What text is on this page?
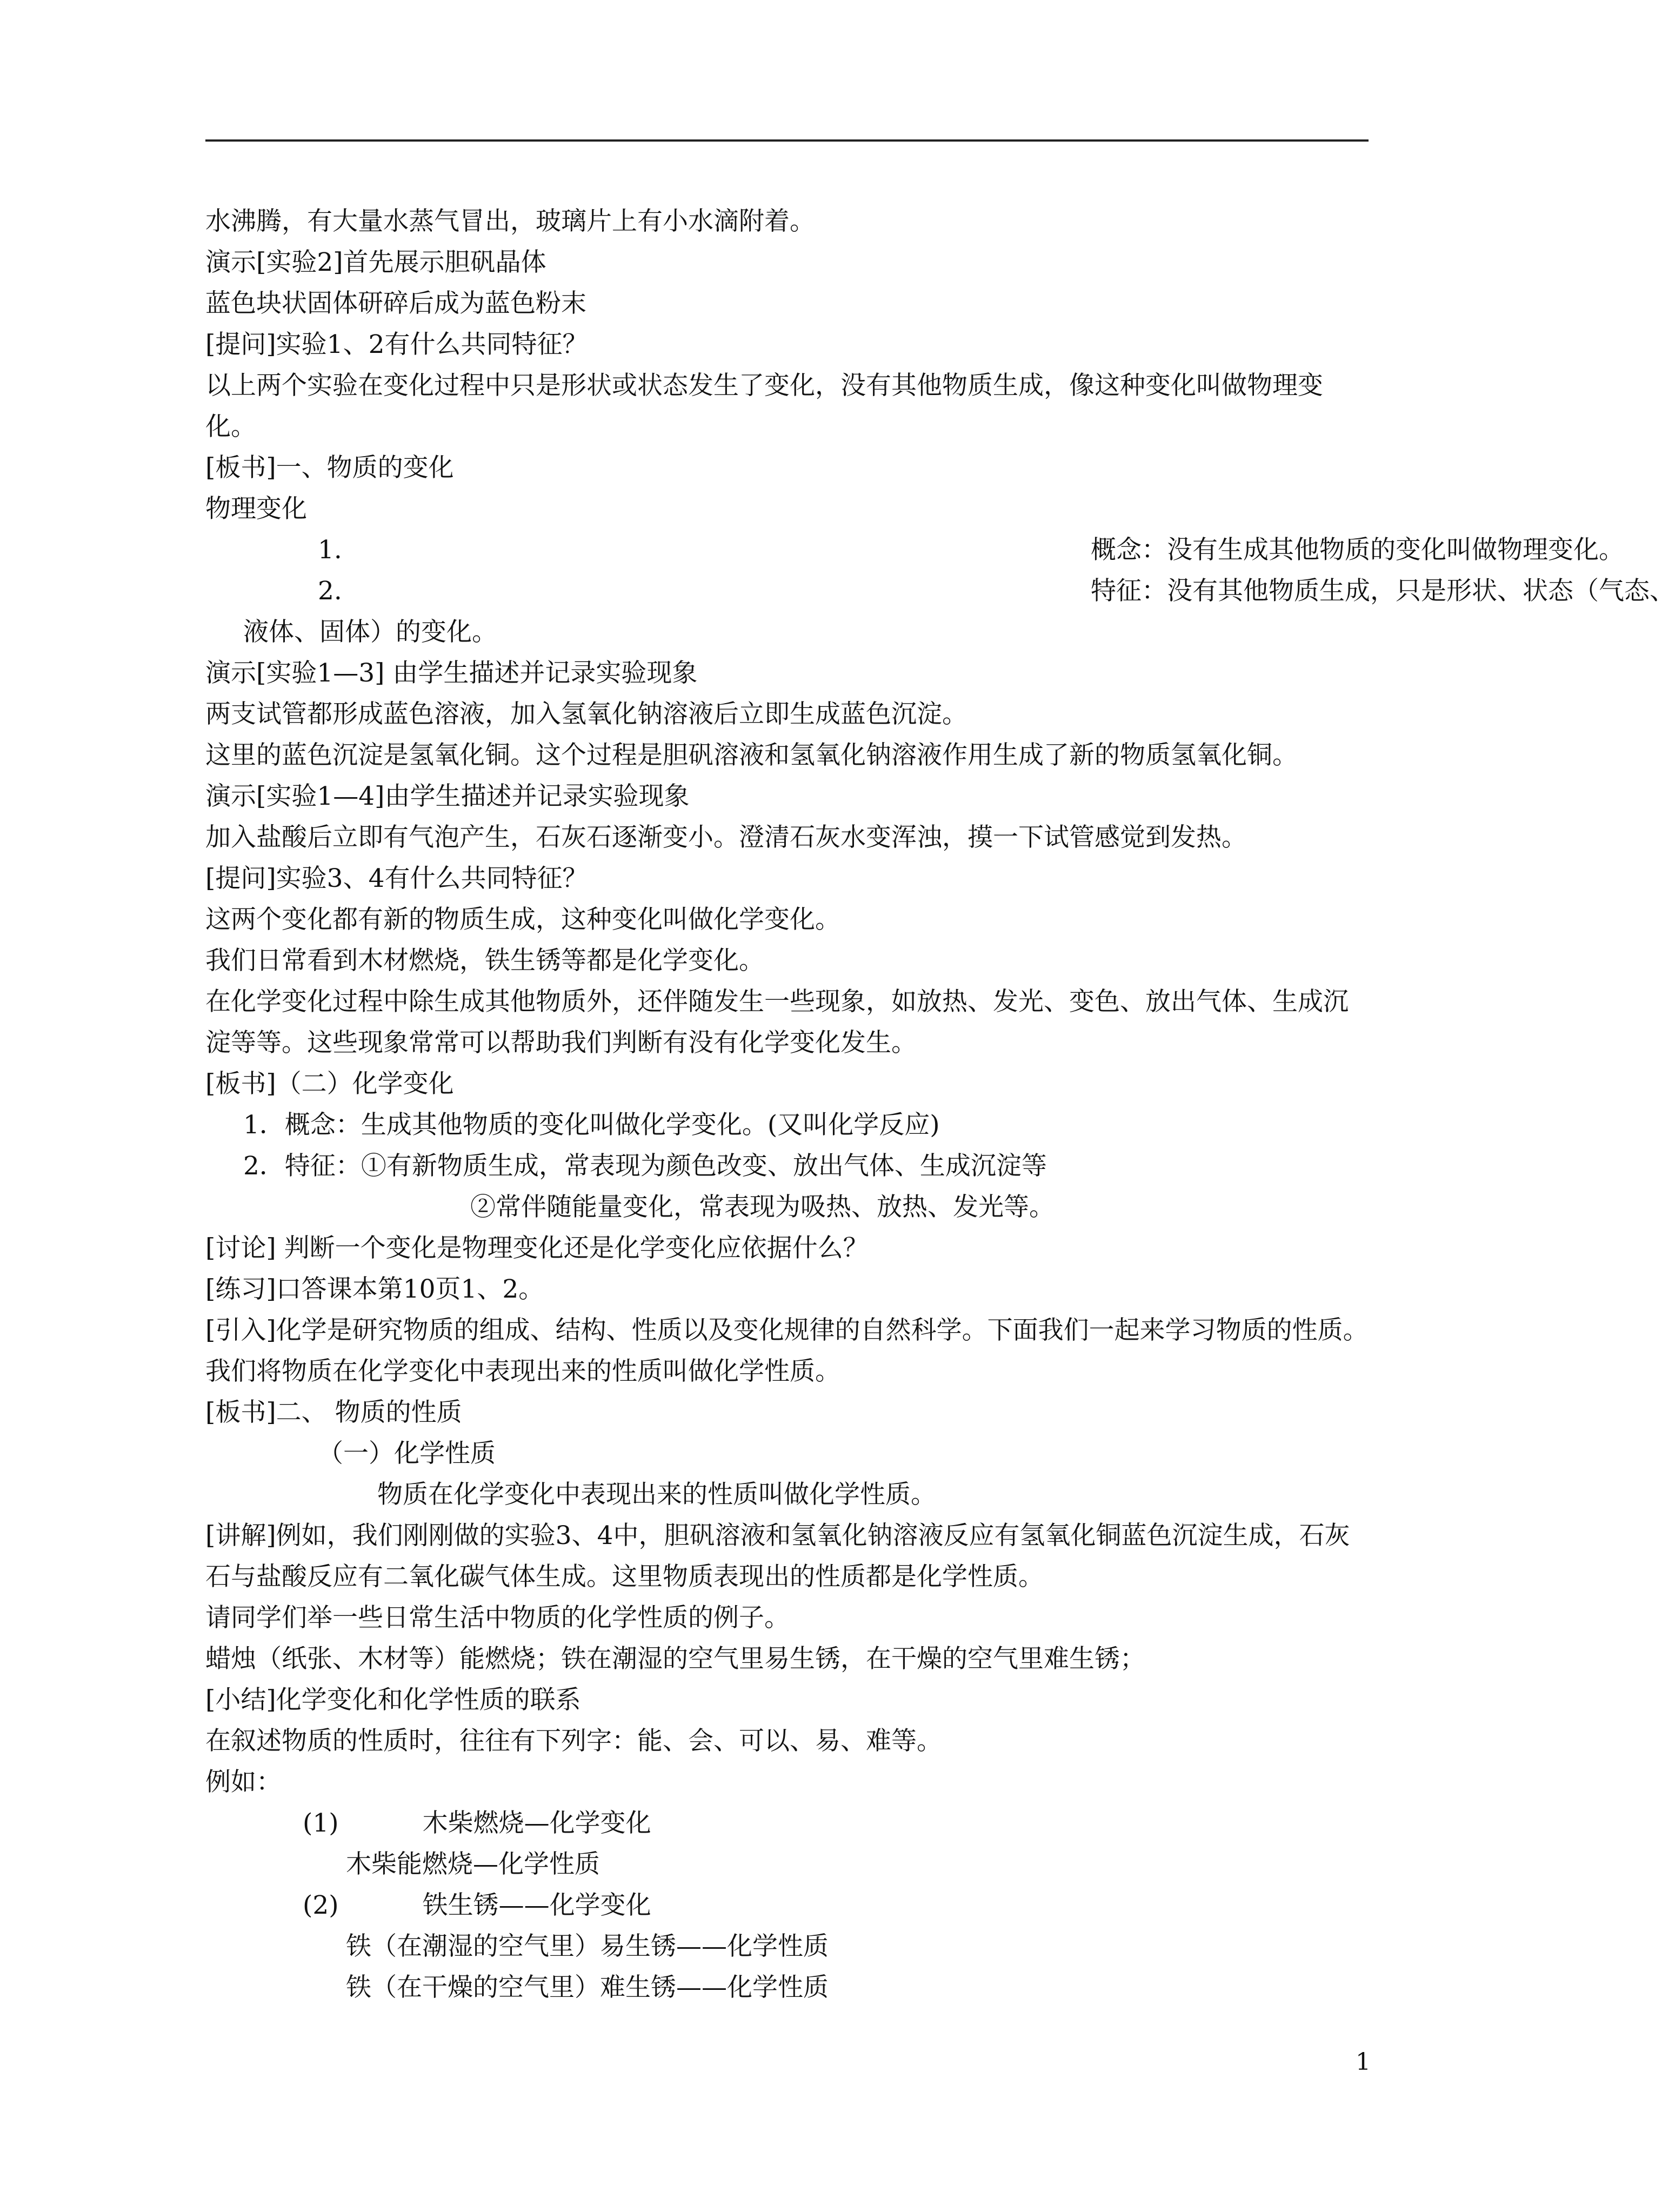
水沸腾，有大量水蒸气冒出，玻璃片上有小水滴附着。
演示[实验2]首先展示胆矾晶体
蓝色块状固体研碎后成为蓝色粉末
[提问]实验1、2有什么共同特征？
以上两个实验在变化过程中只是形状或状态发生了变化，没有其他物质生成，像这种变化叫做物理变化。
[板书]一、物质的变化
物理变化
1.	概念：没有生成其他物质的变化叫做物理变化。
2.	特征：没有其他物质生成，只是形状、状态（气态、
液体、固体）的变化。
演示[实验1—3] 由学生描述并记录实验现象
两支试管都形成蓝色溶液，加入氢氧化钠溶液后立即生成蓝色沉淀。
这里的蓝色沉淀是氢氧化铜。这个过程是胆矾溶液和氢氧化钠溶液作用生成了新的物质氢氧化铜。
演示[实验1—4]由学生描述并记录实验现象
加入盐酸后立即有气泡产生，石灰石逐渐变小。澄清石灰水变浑浊，摸一下试管感觉到发热。
[提问]实验3、4有什么共同特征？
这两个变化都有新的物质生成，这种变化叫做化学变化。
我们日常看到木材燃烧，铁生锈等都是化学变化。
在化学变化过程中除生成其他物质外，还伴随发生一些现象，如放热、发光、变色、放出气体、生成沉淀等等。这些现象常常可以帮助我们判断有没有化学变化发生。
[板书]（二）化学变化
1．概念：生成其他物质的变化叫做化学变化。(又叫化学反应)
2．特征：①有新物质生成，常表现为颜色改变、放出气体、生成沉淀等
②常伴随能量变化，常表现为吸热、放热、发光等。
[讨论] 判断一个变化是物理变化还是化学变化应依据什么？
[练习]口答课本第10页1、2。
[引入]化学是研究物质的组成、结构、性质以及变化规律的自然科学。下面我们一起来学习物质的性质。我们将物质在化学变化中表现出来的性质叫做化学性质。
[板书]二、 物质的性质
（一）化学性质
物质在化学变化中表现出来的性质叫做化学性质。
[讲解]例如，我们刚刚做的实验3、4中，胆矾溶液和氢氧化钠溶液反应有氢氧化铜蓝色沉淀生成，石灰石与盐酸反应有二氧化碳气体生成。这里物质表现出的性质都是化学性质。
请同学们举一些日常生活中物质的化学性质的例子。
蜡烛（纸张、木材等）能燃烧；铁在潮湿的空气里易生锈，在干燥的空气里难生锈；
[小结]化学变化和化学性质的联系
在叙述物质的性质时，往往有下列字：能、会、可以、易、难等。
例如：
(1)	木柴燃烧—化学变化
木柴能燃烧—化学性质
(2)	铁生锈——化学变化
铁（在潮湿的空气里）易生锈——化学性质
铁（在干燥的空气里）难生锈——化学性质
1
